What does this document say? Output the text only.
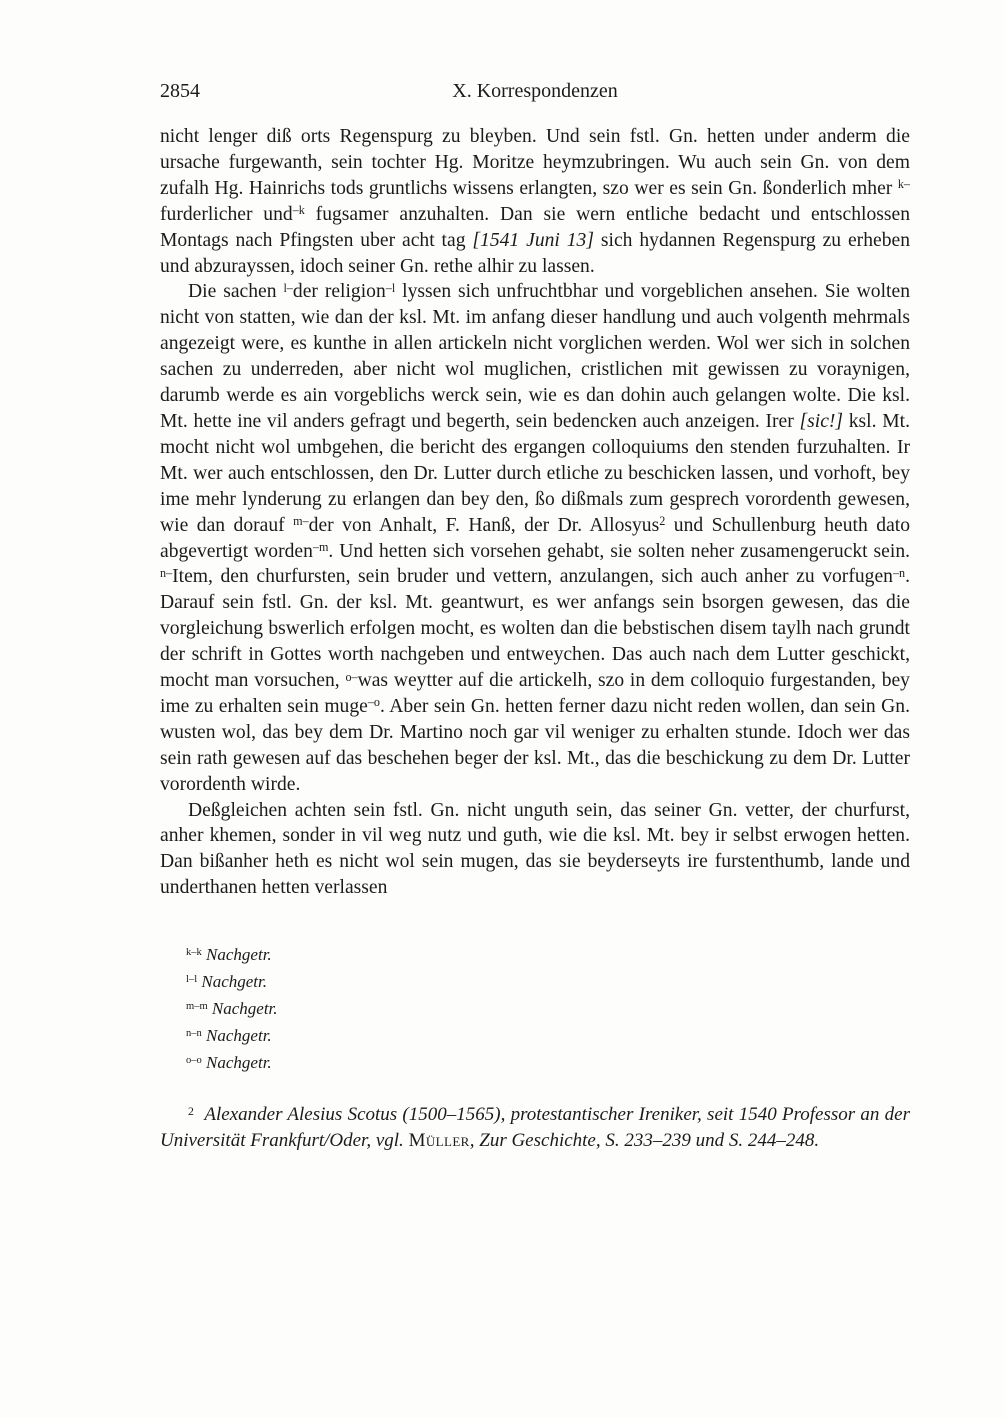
2854	X. Korrespondenzen

nicht lenger diß orts Regenspurg zu bleyben. Und sein fstl. Gn. hetten under anderm die ursache furgewanth, sein tochter Hg. Moritze heymzubringen. Wu auch sein Gn. von dem zufalh Hg. Hainrichs tods gruntlichs wissens erlangten, szo wer es sein Gn. ßonderlich mher $^{k-}$furderlicher und$^{-k}$ fugsamer anzuhalten. Dan sie wern entliche bedacht und entschlossen Montags nach Pfingsten uber acht tag [1541 Juni 13] sich hydannen Regenspurg zu erheben und abzurayssen, idoch seiner Gn. rethe alhir zu lassen.

Die sachen $^{l-}$der religion$^{-l}$ lyssen sich unfruchtbhar und vorgeblichen ansehen. Sie wolten nicht von statten, wie dan der ksl. Mt. im anfang dieser handlung und auch volgenth mehrmals angezeigt were, es kunthe in allen artickeln nicht vorglichen werden. Wol wer sich in solchen sachen zu underreden, aber nicht wol muglichen, cristlichen mit gewissen zu voraynigen, darumb werde es ain vorgeblichs werck sein, wie es dan dohin auch gelangen wolte. Die ksl. Mt. hette ine vil anders gefragt und begerth, sein bedencken auch anzeigen. Irer [sic!] ksl. Mt. mocht nicht wol umbgehen, die bericht des ergangen colloquiums den stenden furzuhalten. Ir Mt. wer auch entschlossen, den Dr. Lutter durch etliche zu beschicken lassen, und vorhoft, bey ime mehr lynderung zu erlangen dan bey den, ßo dißmals zum gesprech vorordenth gewesen, wie dan dorauf $^{m-}$der von Anhalt, F. Hanß, der Dr. Allosyus$^2$ und Schullenburg heuth dato abgevertigt worden$^{-m}$. Und hetten sich vorsehen gehabt, sie solten neher zusamengeruckt sein. $^{n-}$Item, den churfursten, sein bruder und vettern, anzulangen, sich auch anher zu vorfugen$^{-n}$. Darauf sein fstl. Gn. der ksl. Mt. geantwurt, es wer anfangs sein bsorgen gewesen, das die vorgleichung bswerlich erfolgen mocht, es wolten dan die bebstischen disem taylh nach grundt der schrift in Gottes worth nachgeben und entweychen. Das auch nach dem Lutter geschickt, mocht man vorsuchen, $^{o-}$was weytter auf die artickelh, szo in dem colloquio furgestanden, bey ime zu erhalten sein muge$^{-o}$. Aber sein Gn. hetten ferner dazu nicht reden wollen, dan sein Gn. wusten wol, das bey dem Dr. Martino noch gar vil weniger zu erhalten stunde. Idoch wer das sein rath gewesen auf das beschehen beger der ksl. Mt., das die beschickung zu dem Dr. Lutter vorordenth wirde.

Deßgleichen achten sein fstl. Gn. nicht unguth sein, das seiner Gn. vetter, der churfurst, anher khemen, sonder in vil weg nutz und guth, wie die ksl. Mt. bey ir selbst erwogen hetten. Dan bißanher heth es nicht wol sein mugen, das sie beyderseyts ire furstenthumb, lande und underthanen hetten verlassen

$^{k-k}$ Nachgetr.
$^{l-l}$ Nachgetr.
$^{m-m}$ Nachgetr.
$^{n-n}$ Nachgetr.
$^{o-o}$ Nachgetr.

$^2$ Alexander Alesius Scotus (1500–1565), protestantischer Ireniker, seit 1540 Professor an der Universität Frankfurt/Oder, vgl. Müller, Zur Geschichte, S. 233–239 und S. 244–248.
